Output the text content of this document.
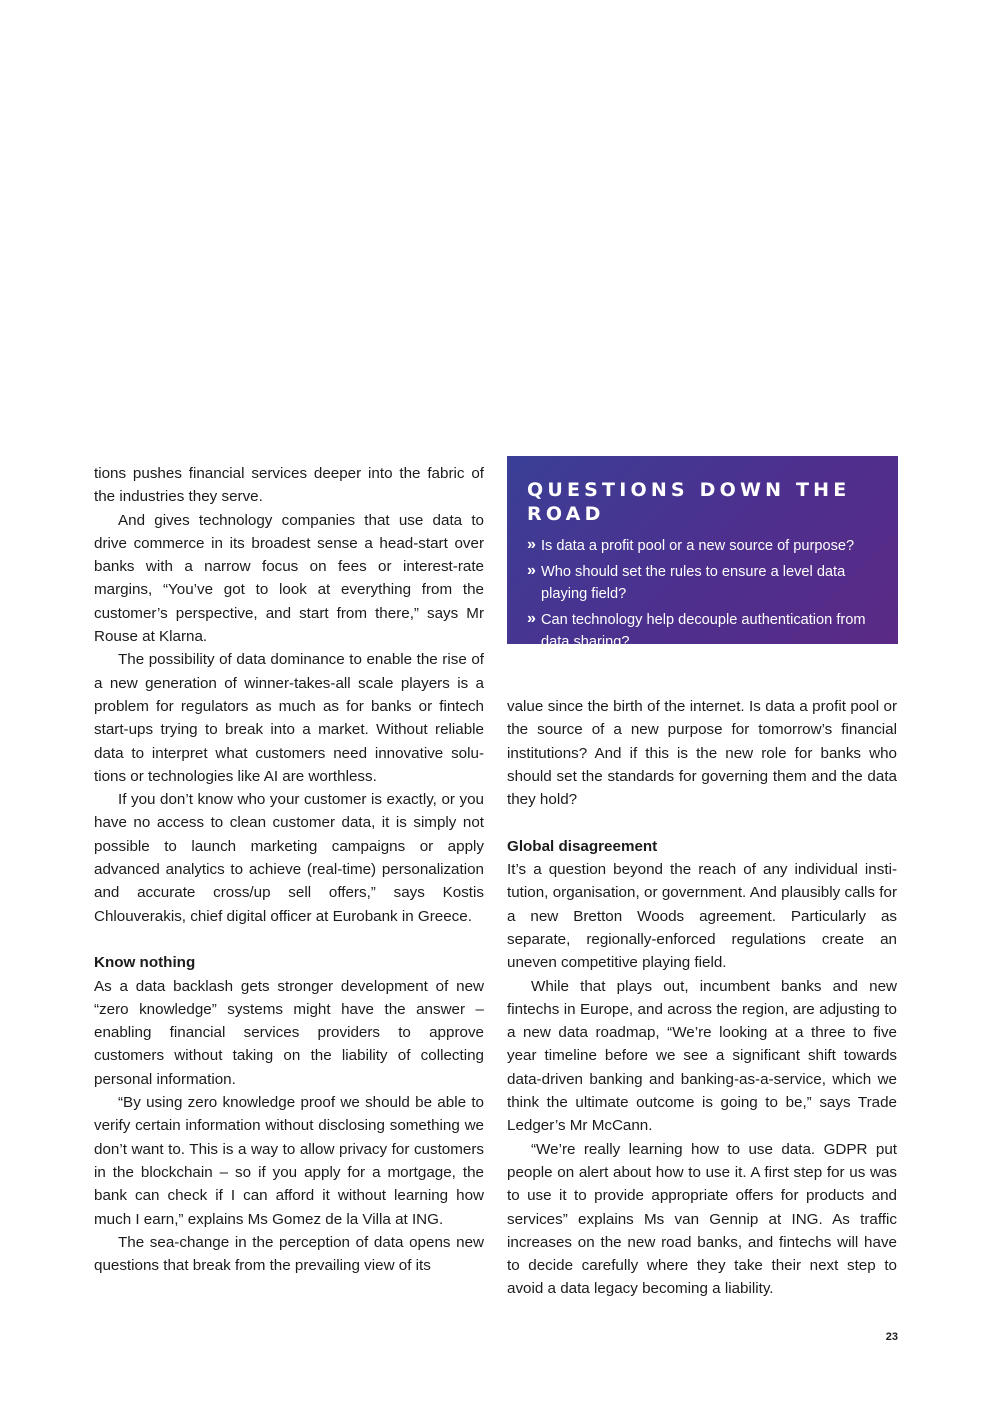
tions pushes financial services deeper into the fabric of the industries they serve.

And gives technology companies that use data to drive commerce in its broadest sense a head-start over banks with a narrow focus on fees or interest-rate margins, “You’ve got to look at everything from the customer’s perspective, and start from there,” says Mr Rouse at Klarna.

The possibility of data dominance to enable the rise of a new generation of winner-takes-all scale players is a problem for regulators as much as for banks or fintech start-ups trying to break into a market. Without reliable data to interpret what customers need innovative solutions or technologies like AI are worthless.

If you don’t know who your customer is exactly, or you have no access to clean customer data, it is simply not possible to launch marketing campaigns or apply advanced analytics to achieve (real-time) personalization and accurate cross/up sell offers,” says Kostis Chlouverakis, chief digital officer at Eurobank in Greece.

Know nothing

As a data backlash gets stronger development of new “zero knowledge” systems might have the answer – enabling financial services providers to approve customers without taking on the liability of collecting personal information.

“By using zero knowledge proof we should be able to verify certain information without disclosing something we don’t want to. This is a way to allow privacy for customers in the blockchain – so if you apply for a mortgage, the bank can check if I can afford it without learning how much I earn,” explains Ms Gomez de la Villa at ING.

The sea-change in the perception of data opens new questions that break from the prevailing view of its

QUESTIONS DOWN THE ROAD
» Is data a profit pool or a new source of purpose?
» Who should set the rules to ensure a level data playing field?
» Can technology help decouple authentication from data sharing?

value since the birth of the internet. Is data a profit pool or the source of a new purpose for tomorrow’s financial institutions? And if this is the new role for banks who should set the standards for governing them and the data they hold?

Global disagreement

It’s a question beyond the reach of any individual institution, organisation, or government. And plausibly calls for a new Bretton Woods agreement. Particularly as separate, regionally-enforced regulations create an uneven competitive playing field.

While that plays out, incumbent banks and new fintechs in Europe, and across the region, are adjusting to a new data roadmap, “We’re looking at a three to five year timeline before we see a significant shift towards data-driven banking and banking-as-a-service, which we think the ultimate outcome is going to be,” says Trade Ledger’s Mr McCann.

“We’re really learning how to use data. GDPR put people on alert about how to use it. A first step for us was to use it to provide appropriate offers for products and services” explains Ms van Gennip at ING. As traffic increases on the new road banks, and fintechs will have to decide carefully where they take their next step to avoid a data legacy becoming a liability.

23
